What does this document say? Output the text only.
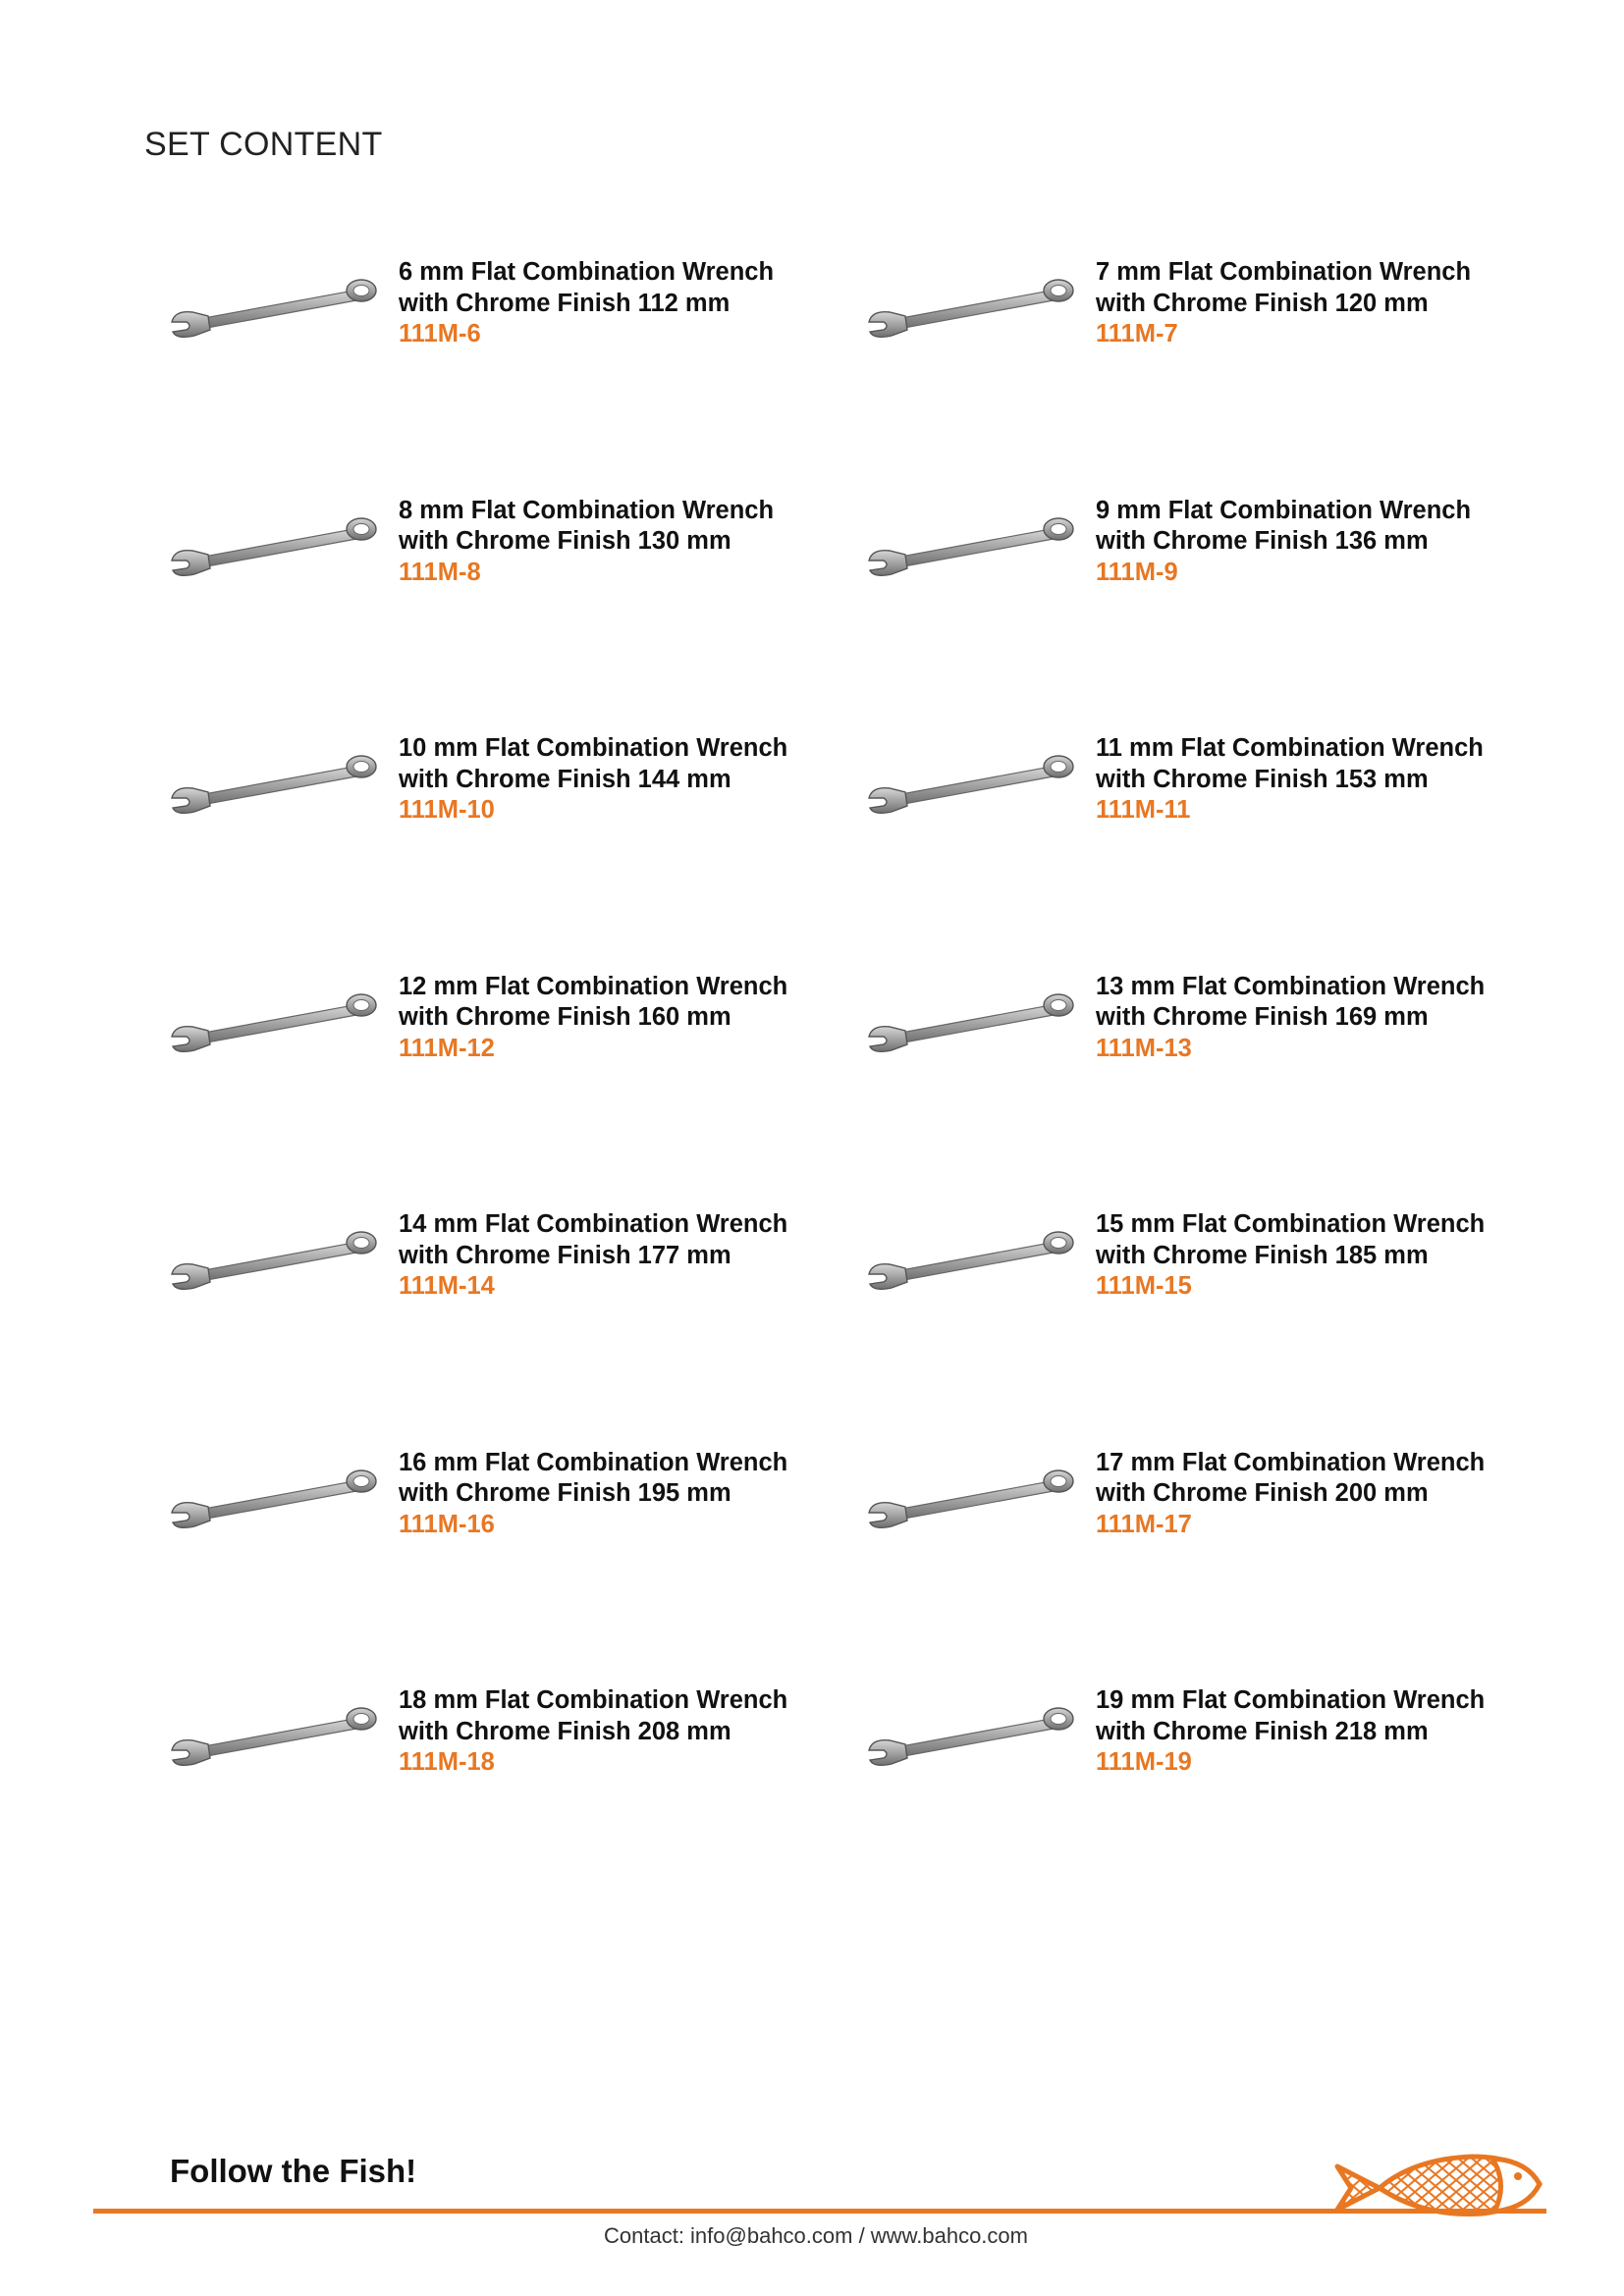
SET CONTENT
6 mm Flat Combination Wrench
with Chrome Finish 112 mm
111M-6
7 mm Flat Combination Wrench
with Chrome Finish 120 mm
111M-7
8 mm Flat Combination Wrench
with Chrome Finish 130 mm
111M-8
9 mm Flat Combination Wrench
with Chrome Finish 136 mm
111M-9
10 mm Flat Combination Wrench
with Chrome Finish 144 mm
111M-10
11 mm Flat Combination Wrench
with Chrome Finish 153 mm
111M-11
12 mm Flat Combination Wrench
with Chrome Finish 160 mm
111M-12
13 mm Flat Combination Wrench
with Chrome Finish 169 mm
111M-13
14 mm Flat Combination Wrench
with Chrome Finish 177 mm
111M-14
15 mm Flat Combination Wrench
with Chrome Finish 185 mm
111M-15
16 mm Flat Combination Wrench
with Chrome Finish 195 mm
111M-16
17 mm Flat Combination Wrench
with Chrome Finish 200 mm
111M-17
18 mm Flat Combination Wrench
with Chrome Finish 208 mm
111M-18
19 mm Flat Combination Wrench
with Chrome Finish 218 mm
111M-19
Follow the Fish!
Contact: info@bahco.com / www.bahco.com
